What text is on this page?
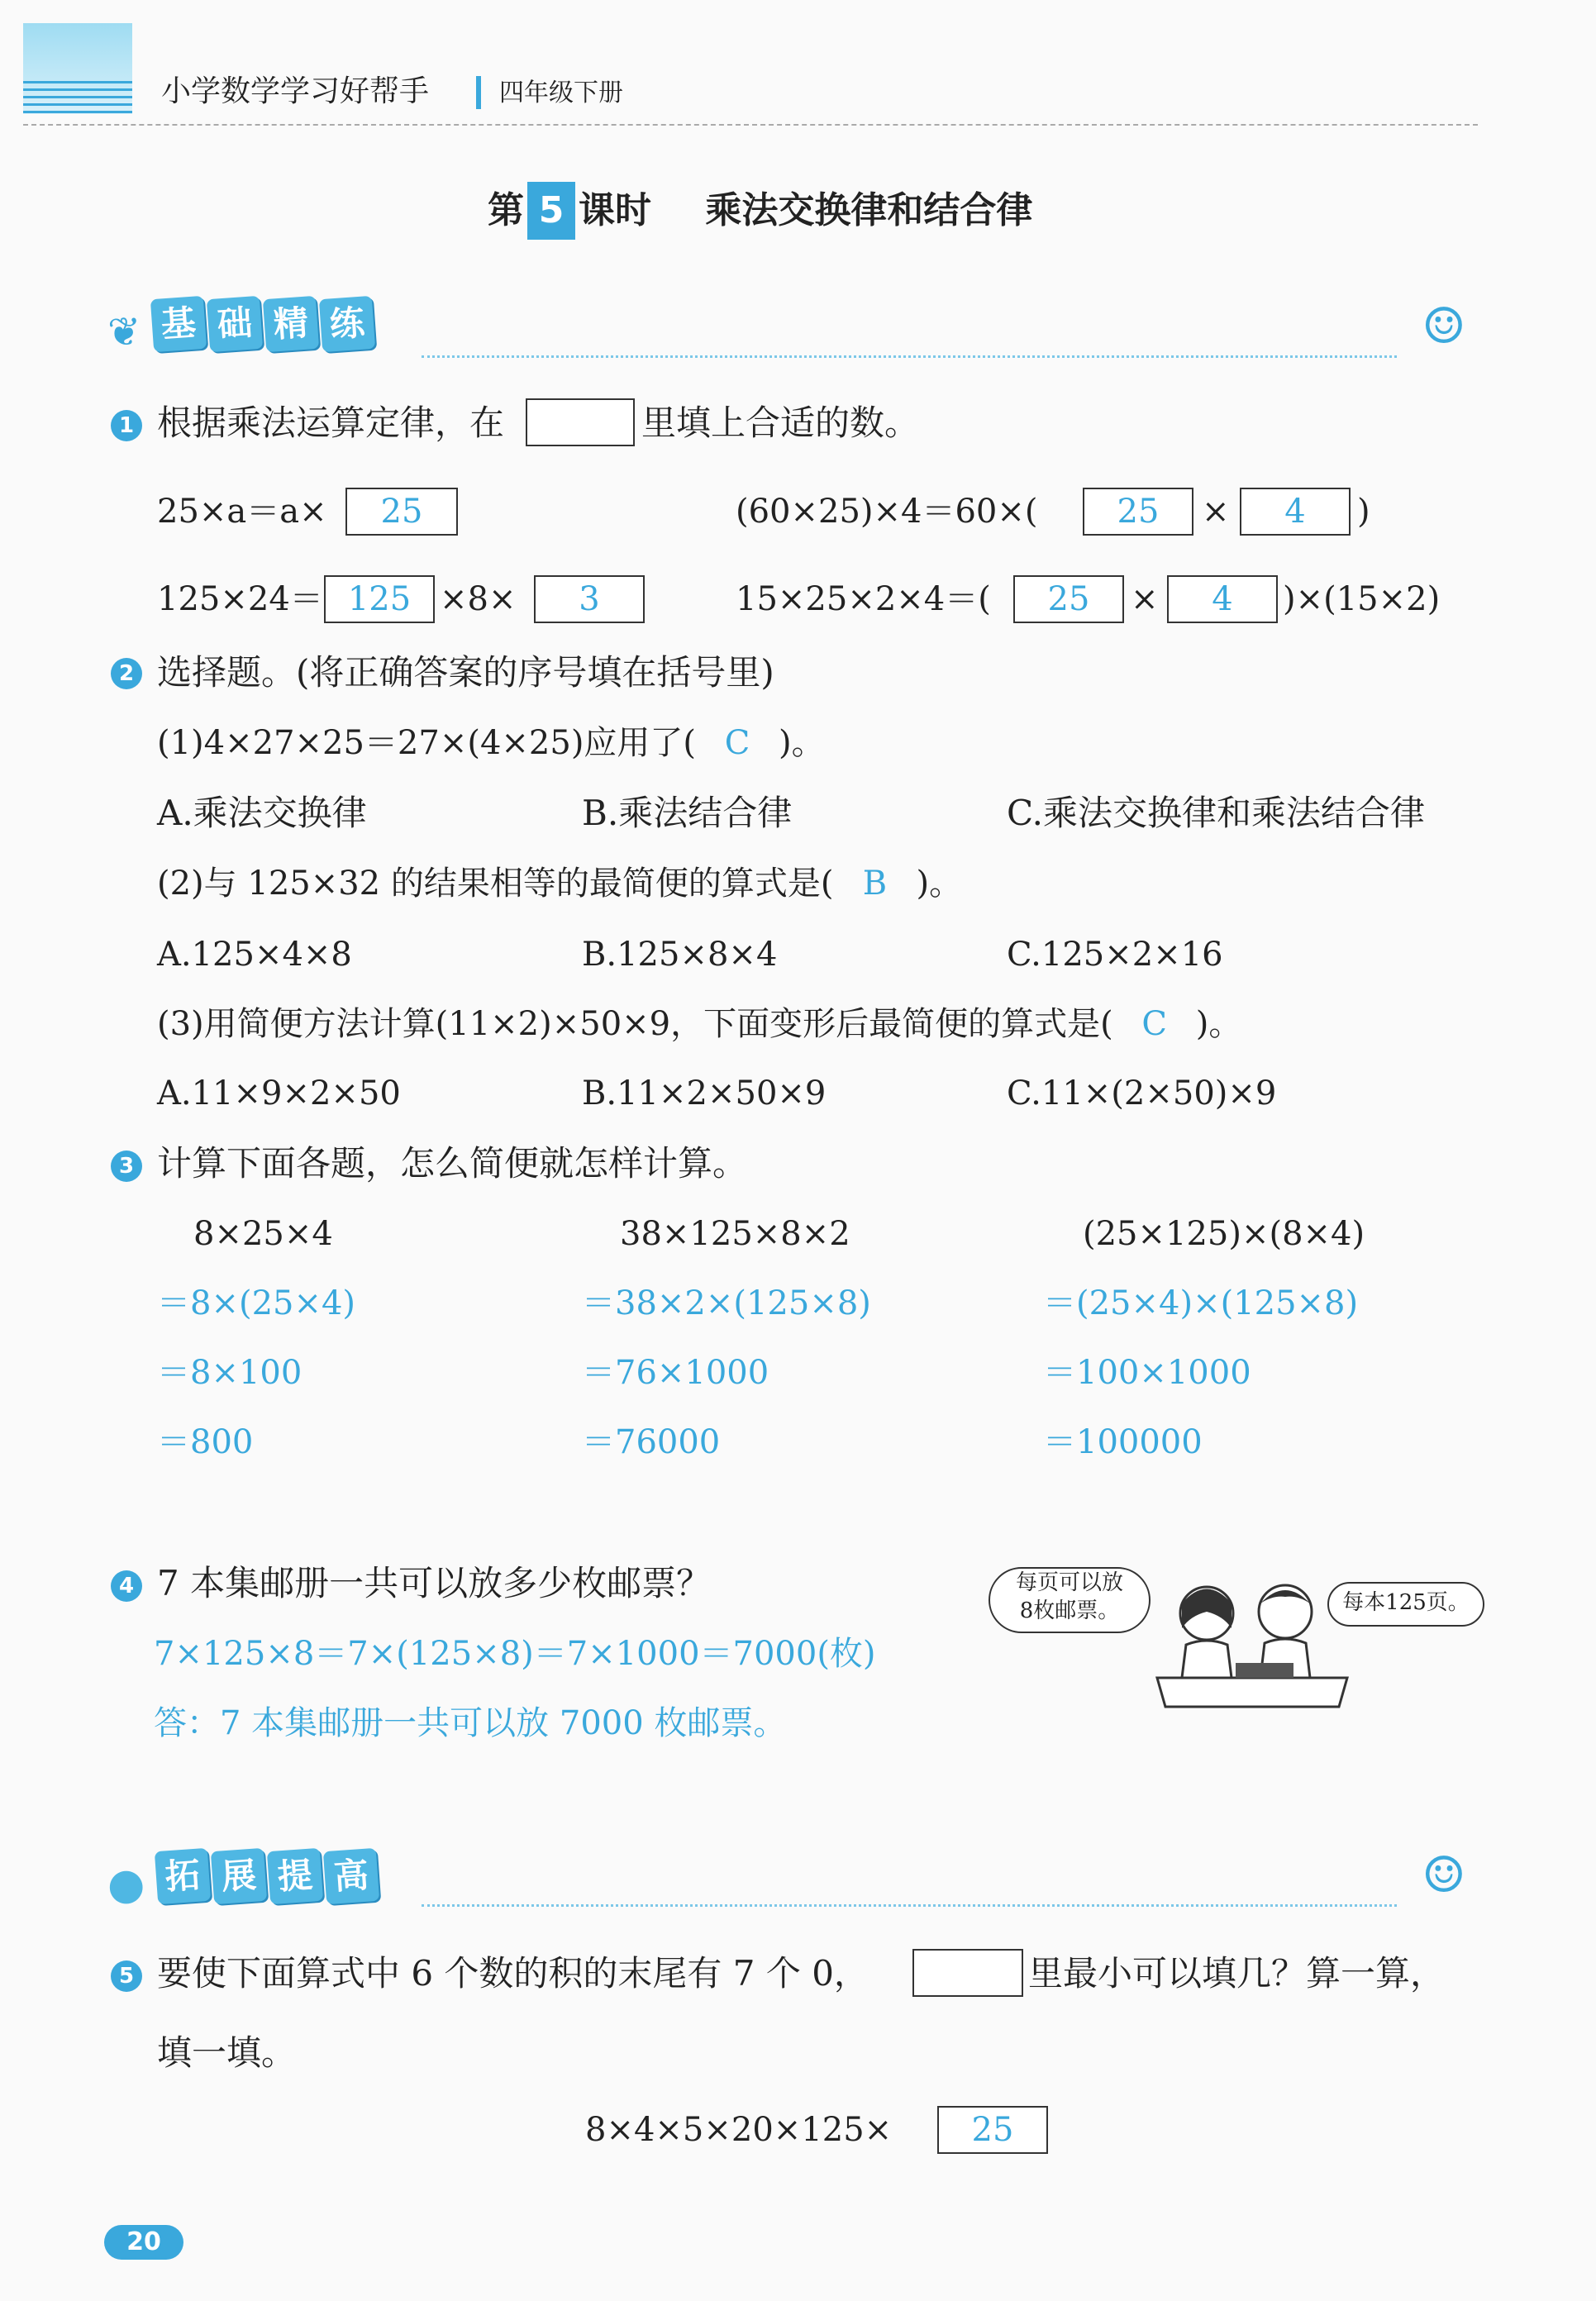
小学数学学习好帮手	四年级下册
第 5 课时 乘法交换律和结合律
❦ 基 础 精 练	☺
1 根据乘法运算定律，在	里填上合适的数。
25×a＝a×	25	(60×25)×4＝60×(	25	×	4	)
125×24＝ 125 ×8×	3	15×25×2×4＝(	25	×	4	)×(15×2)
2 选择题。(将正确答案的序号填在括号里)
(1)4×27×25＝27×(4×25)应用了( C )。
A.乘法交换律	B.乘法结合律	C.乘法交换律和乘法结合律
(2)与 125×32 的结果相等的最简便的算式是( B )。
A.125×4×8	B.125×8×4	C.125×2×16
(3)用简便方法计算(11×2)×50×9，下面变形后最简便的算式是( C )。
A.11×9×2×50	B.11×2×50×9	C.11×(2×50)×9
3 计算下面各题，怎么简便就怎样计算。
8×25×4
＝8×(25×4)
＝8×100
＝800
38×125×8×2
＝38×2×(125×8)
＝76×1000
＝76000
(25×125)×(8×4)
＝(25×4)×(125×8)
＝100×1000
＝100000
4 7 本集邮册一共可以放多少枚邮票？
7×125×8＝7×(125×8)＝7×1000＝7000(枚)
答：7 本集邮册一共可以放 7000 枚邮票。
每页可以放
8枚邮票。	每本125页。
● 拓 展 提 高	☺
5 要使下面算式中 6 个数的积的末尾有 7 个 0，	里最小可以填几？算一算，
填一填。
8×4×5×20×125×	25
20
